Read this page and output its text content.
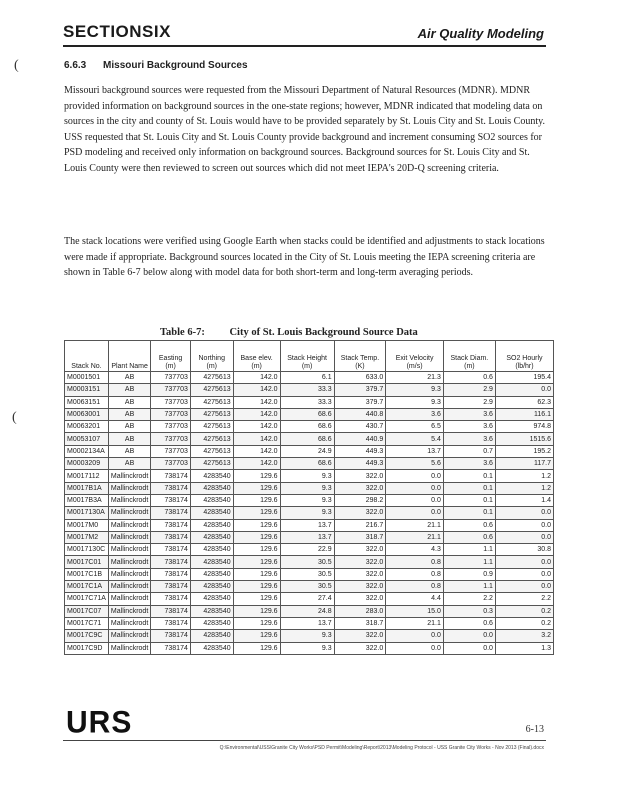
SECTIONSIX	Air Quality Modeling
(
(
6.6.3 Missouri Background Sources
Missouri background sources were requested from the Missouri Department of Natural Resources (MDNR). MDNR provided information on background sources in the one-state regions; however, MDNR indicated that modeling data on sources in the city and county of St. Louis would have to be provided separately by St. Louis City and St. Louis County. USS requested that St. Louis City and St. Louis County provide background and increment consuming SO2 sources for PSD modeling and received only information on background sources. Background sources for St. Louis City and St. Louis County were then reviewed to screen out sources which did not meet IEPA's 20D-Q screening criteria.
The stack locations were verified using Google Earth when stacks could be identified and adjustments to stack locations were made if appropriate. Background sources located in the City of St. Louis meeting the IEPA screening criteria are shown in Table 6-7 below along with model data for both short-term and long-term averaging periods.
Table 6-7: City of St. Louis Background Source Data
Stack No.	Plant Name	Easting (m)	Northing (m)	Base elev. (m)	Stack Height (m)	Stack Temp. (K)	Exit Velocity (m/s)	Stack Diam. (m)	SO2 Hourly (lb/hr)
M0001501	AB	737703	4275613	142.0	6.1	633.0	21.3	0.6	195.4
M0003151	AB	737703	4275613	142.0	33.3	379.7	9.3	2.9	0.0
M0063151	AB	737703	4275613	142.0	33.3	379.7	9.3	2.9	62.3
M0063001	AB	737703	4275613	142.0	68.6	440.8	3.6	3.6	116.1
M0063201	AB	737703	4275613	142.0	68.6	430.7	6.5	3.6	974.8
M0053107	AB	737703	4275613	142.0	68.6	440.9	5.4	3.6	1515.6
M0002134A	AB	737703	4275613	142.0	24.9	449.3	13.7	0.7	195.2
M0003209	AB	737703	4275613	142.0	68.6	449.3	5.6	3.6	117.7
M0017112	Mallinckrodt	738174	4283540	129.6	9.3	322.0	0.0	0.1	1.2
M0017B1A	Mallinckrodt	738174	4283540	129.6	9.3	322.0	0.0	0.1	1.2
M0017B3A	Mallinckrodt	738174	4283540	129.6	9.3	298.2	0.0	0.1	1.4
M0017130A	Mallinckrodt	738174	4283540	129.6	9.3	322.0	0.0	0.1	0.0
M0017M0	Mallinckrodt	738174	4283540	129.6	13.7	216.7	21.1	0.6	0.0
M0017M2	Mallinckrodt	738174	4283540	129.6	13.7	318.7	21.1	0.6	0.0
M0017130C	Mallinckrodt	738174	4283540	129.6	22.9	322.0	4.3	1.1	30.8
M0017C01	Mallinckrodt	738174	4283540	129.6	30.5	322.0	0.8	1.1	0.0
M0017C1B	Mallinckrodt	738174	4283540	129.6	30.5	322.0	0.8	0.9	0.0
M0017C1A	Mallinckrodt	738174	4283540	129.6	30.5	322.0	0.8	1.1	0.0
M0017C71A	Mallinckrodt	738174	4283540	129.6	27.4	322.0	4.4	2.2	2.2
M0017C07	Mallinckrodt	738174	4283540	129.6	24.8	283.0	15.0	0.3	0.2
M0017C71	Mallinckrodt	738174	4283540	129.6	13.7	318.7	21.1	0.6	0.2
M0017C9C	Mallinckrodt	738174	4283540	129.6	9.3	322.0	0.0	0.0	3.2
M0017C9D	Mallinckrodt	738174	4283540	129.6	9.3	322.0	0.0	0.0	1.3
URS	6-13
Q:\Environmental\USS\Granite City Works\PSD Permit\Modeling\Report\2013\Modeling Protocol - USS Granite City Works - Nov 2013 (Final).docx
